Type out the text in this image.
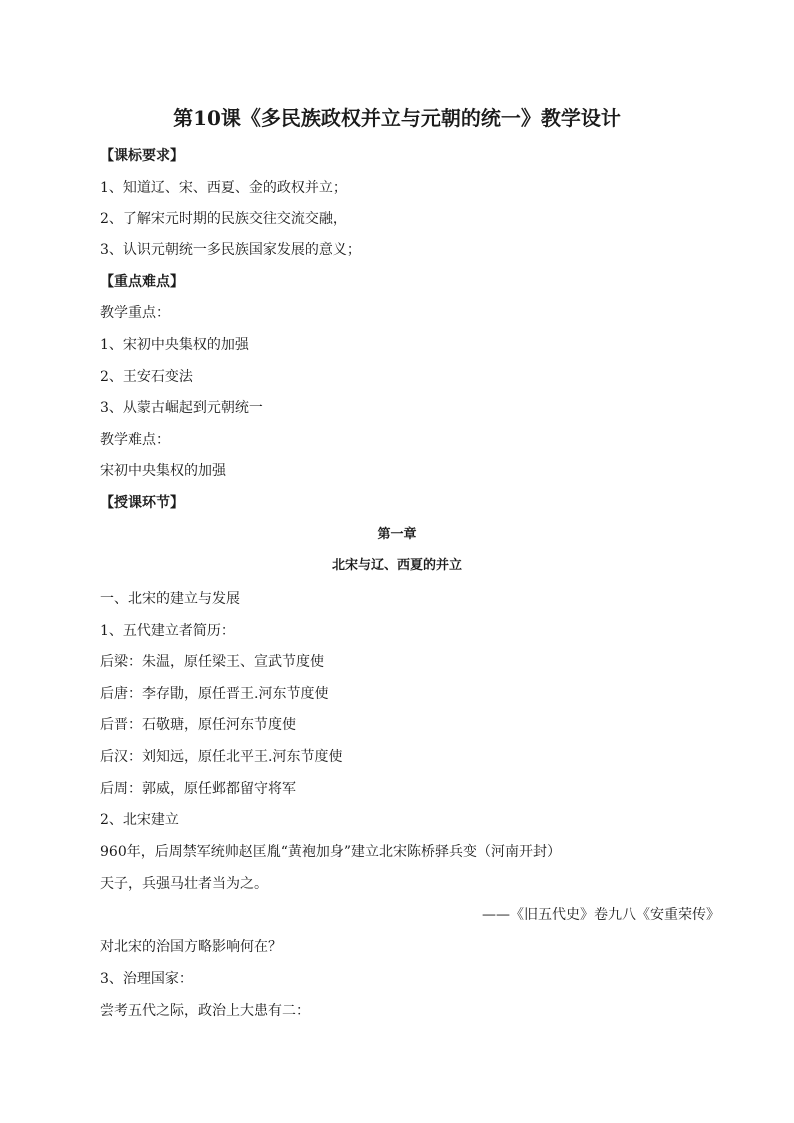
第10课《多民族政权并立与元朝的统一》教学设计
【课标要求】
1、知道辽、宋、西夏、金的政权并立；
2、了解宋元时期的民族交往交流交融，
3、认识元朝统一多民族国家发展的意义；
【重点难点】
教学重点：
1、宋初中央集权的加强
2、王安石变法
3、从蒙古崛起到元朝统一
教学难点：
宋初中央集权的加强
【授课环节】
第一章
北宋与辽、西夏的并立
一、北宋的建立与发展
1、五代建立者简历：
后梁：朱温，原任梁王、宣武节度使
后唐：李存勖，原任晋王.河东节度使
后晋：石敬瑭，原任河东节度使
后汉：刘知远，原任北平王.河东节度使
后周：郭威，原任邺都留守将军
2、北宋建立
960年，后周禁军统帅赵匡胤“黄袍加身”建立北宋陈桥驿兵变（河南开封）
天子，兵强马壮者当为之。
——《旧五代史》卷九八《安重荣传》
对北宋的治国方略影响何在？
3、治理国家：
尝考五代之际，政治上大患有二：
